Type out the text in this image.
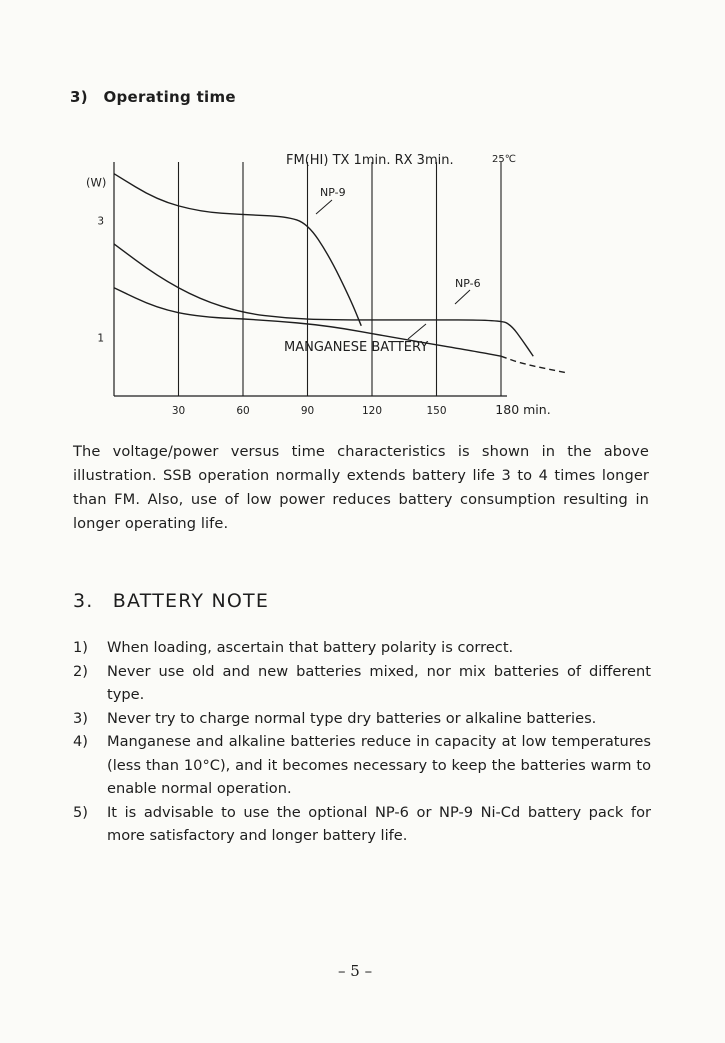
3) Operating time
30	60	90	120	150	180 min.
3
1
(W)
FM(HI) TX 1min. RX 3min.	25℃
NP-9
NP-6
MANGANESE BATTERY

The voltage/power versus time characteristics is shown in the above illustration. SSB operation normally extends battery life 3 to 4 times longer than FM. Also, use of low power reduces battery consumption resulting in longer operating life.

3. BATTERY NOTE
1)	When loading, ascertain that battery polarity is correct.
2)	Never use old and new batteries mixed, nor mix batteries of different type.
3)	Never try to charge normal type dry batteries or alkaline batteries.
4)	Manganese and alkaline batteries reduce in capacity at low temperatures (less than 10°C), and it becomes necessary to keep the batteries warm to enable normal operation.
5)	It is advisable to use the optional NP-6 or NP-9 Ni-Cd battery pack for more satisfactory and longer battery life.
– 5 –
